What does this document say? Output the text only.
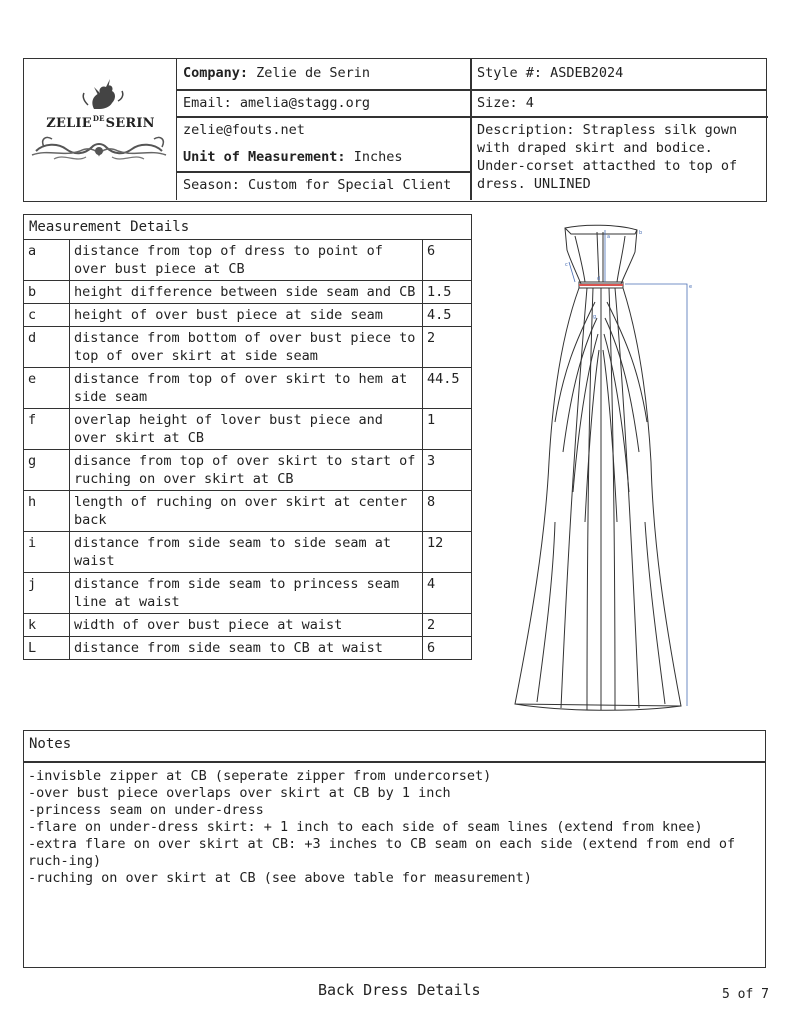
$ZELIE^{DE}SERIN$
Company: Zelie de Serin
Email: amelia@stagg.org
zelie@fouts.net
Unit of Measurement: Inches
Season: Custom for Special Client
Style #: ASDEB2024
Size: 4
Description: Strapless silk gown
with draped skirt and bodice.
Under-corset attacthed to top of
dress. UNLINED
Measurement Details		
a	distance from top of dress to point of over bust piece at CB	6
b	height difference between side seam and CB	1.5
c	height of over bust piece at side seam	4.5
d	distance from bottom of over bust piece to top of over skirt at side seam	2
e	distance from top of over skirt to hem at side seam	44.5
f	overlap height of lover bust piece and over skirt at CB	1
g	disance from top of over skirt to start of ruching on over skirt at CB	3
h	length of ruching on over skirt at center back	8
i	distance from side seam to side seam at waist	12
j	distance from side seam to princess seam line at waist	4
k	width of over bust piece at waist	2
L	distance from side seam to CB at waist	6
a
b
c
d
e
g
Notes
-invisble zipper at CB (seperate zipper from undercorset)
-over bust piece overlaps over skirt at CB by 1 inch
-princess seam on under-dress
-flare on under-dress skirt: + 1 inch to each side of seam lines (extend from knee)
-extra flare on over skirt at CB: +3 inches to CB seam on each side (extend from end of ruch-ing)
-ruching on over skirt at CB (see above table for measurement)
Back Dress Details	5 of 7
